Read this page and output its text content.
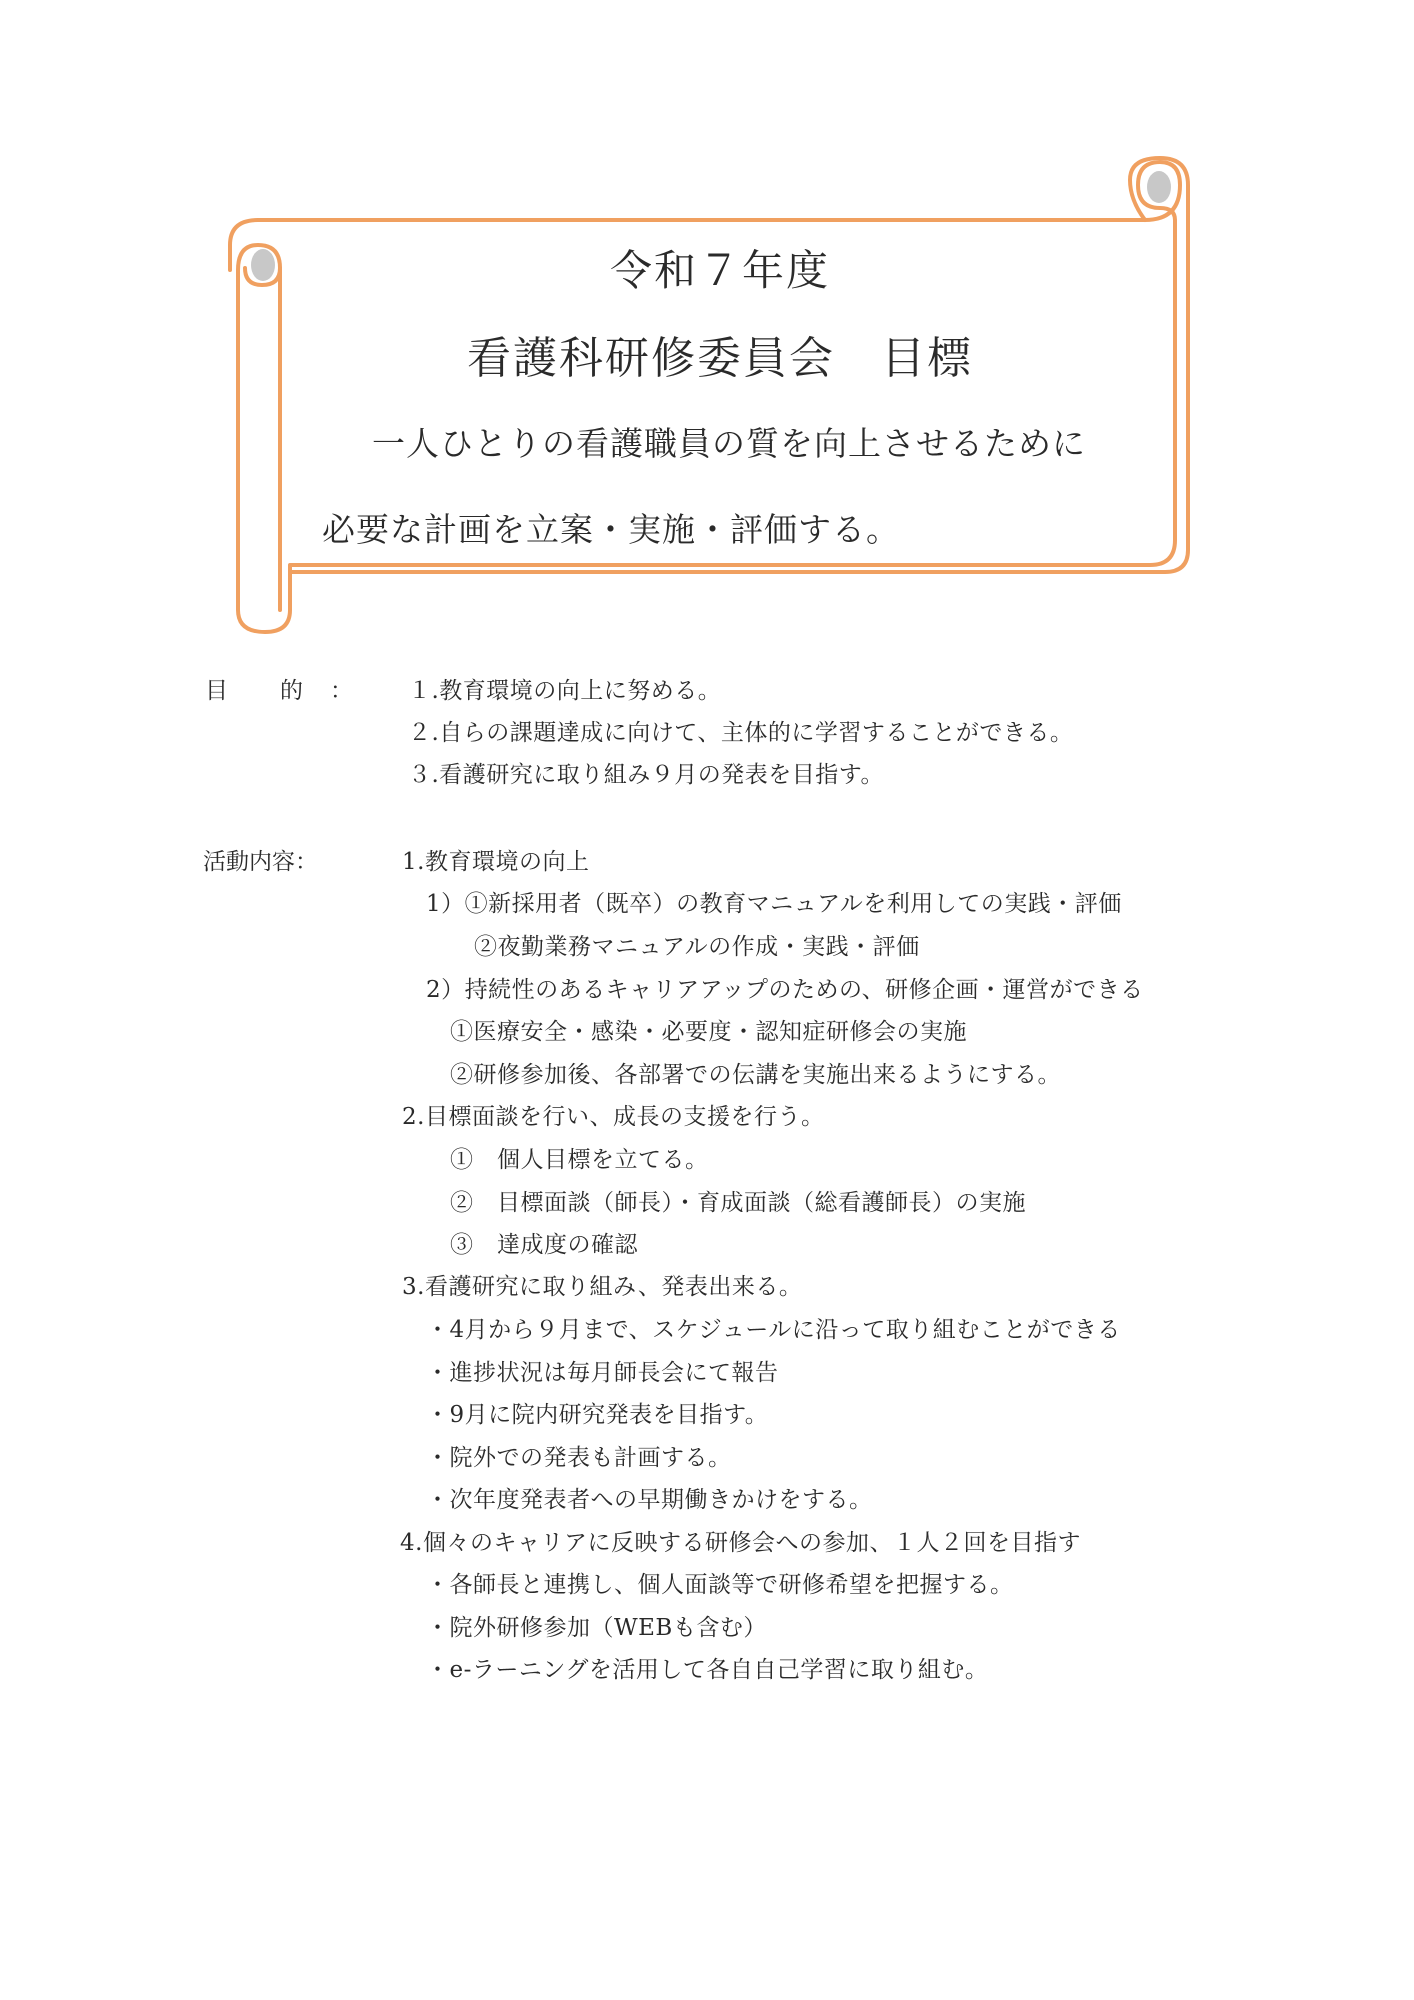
令和７年度
看護科研修委員会　目標
一人ひとりの看護職員の質を向上させるために
必要な計画を立案・実施・評価する。
目　　的　： １.教育環境の向上に努める。
２.自らの課題達成に向けて、主体的に学習することができる。
３.看護研究に取り組み９月の発表を目指す。
活動内容：	1.教育環境の向上
1）①新採用者（既卒）の教育マニュアルを利用しての実践・評価
②夜勤業務マニュアルの作成・実践・評価
2）持続性のあるキャリアアップのための、研修企画・運営ができる
①医療安全・感染・必要度・認知症研修会の実施
②研修参加後、各部署での伝講を実施出来るようにする。
2.目標面談を行い、成長の支援を行う。
①　個人目標を立てる。
②　目標面談（師長）・育成面談（総看護師長）の実施
③　達成度の確認
3.看護研究に取り組み、発表出来る。
・4月から９月まで、スケジュールに沿って取り組むことができる
・進捗状況は毎月師長会にて報告
・9月に院内研究発表を目指す。
・院外での発表も計画する。
・次年度発表者への早期働きかけをする。
4.個々のキャリアに反映する研修会への参加、１人２回を目指す
・各師長と連携し、個人面談等で研修希望を把握する。
・院外研修参加（WEBも含む）
・e-ラーニングを活用して各自自己学習に取り組む。
